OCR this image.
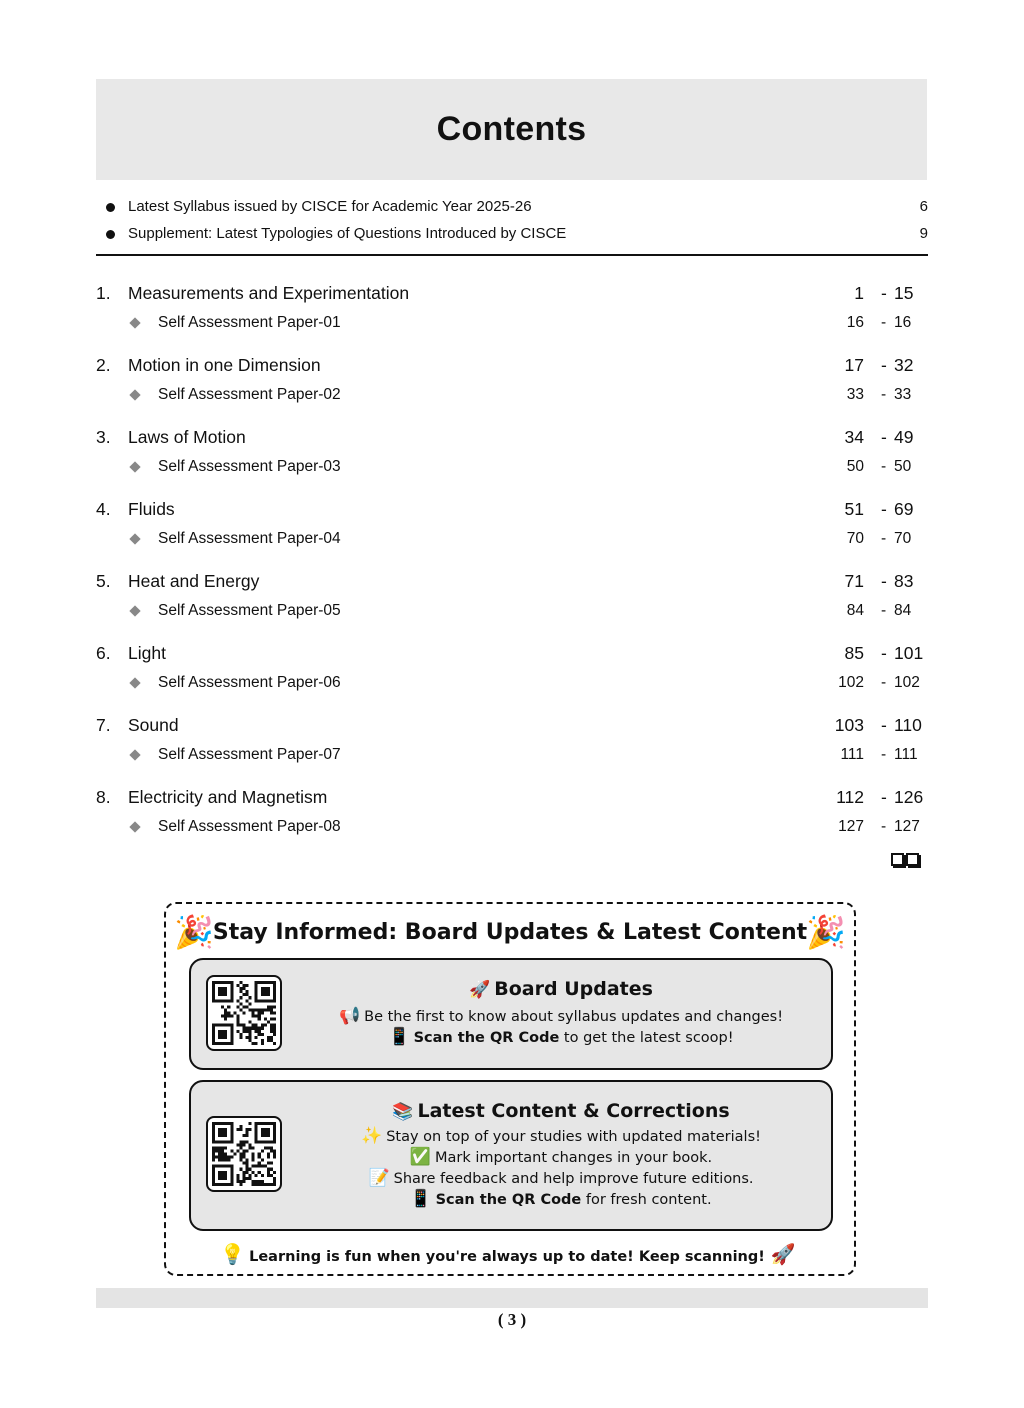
Contents
Latest Syllabus issued by CISCE for Academic Year 2025-26	6
Supplement: Latest Typologies of Questions Introduced by CISCE	9
1. Measurements and Experimentation	1 - 15
Self Assessment Paper-01	16 - 16
2. Motion in one Dimension	17 - 32
Self Assessment Paper-02	33 - 33
3. Laws of Motion	34 - 49
Self Assessment Paper-03	50 - 50
4. Fluids	51 - 69
Self Assessment Paper-04	70 - 70
5. Heat and Energy	71 - 83
Self Assessment Paper-05	84 - 84
6. Light	85 - 101
Self Assessment Paper-06	102 - 102
7. Sound	103 - 110
Self Assessment Paper-07	111 - 111
8. Electricity and Magnetism	112 - 126
Self Assessment Paper-08	127 - 127
🎉	🎉
Stay Informed: Board Updates & Latest Content
🚀 Board Updates
📢 Be the first to know about syllabus updates and changes!
📱 Scan the QR Code to get the latest scoop!
📚 Latest Content & Corrections
✨ Stay on top of your studies with updated materials!
✅ Mark important changes in your book.
📝 Share feedback and help improve future editions.
📱 Scan the QR Code for fresh content.
💡 Learning is fun when you're always up to date! Keep scanning! 🚀
( 3 )
